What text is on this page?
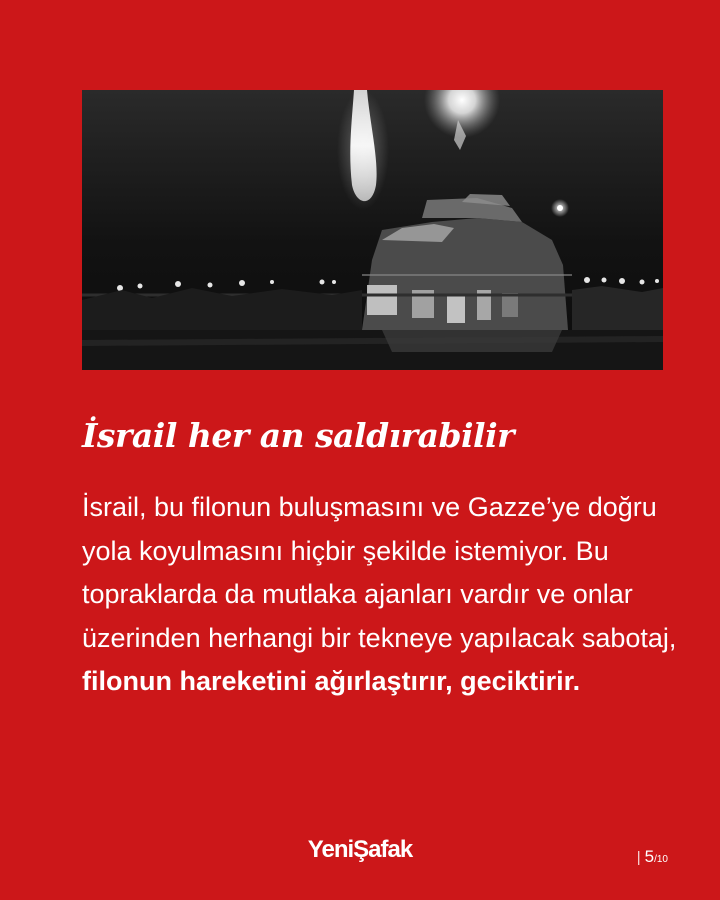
İsrail her an saldırabilir

İsrail, bu filonun buluşmasını ve Gazze’ye doğru yola koyulmasını hiçbir şekilde istemiyor. Bu topraklarda da mutlaka ajanları vardır ve onlar üzerinden herhangi bir tekneye yapılacak sabotaj, filonun hareketini ağırlaştırır, geciktirir.

YeniŞafak	| 5/10
